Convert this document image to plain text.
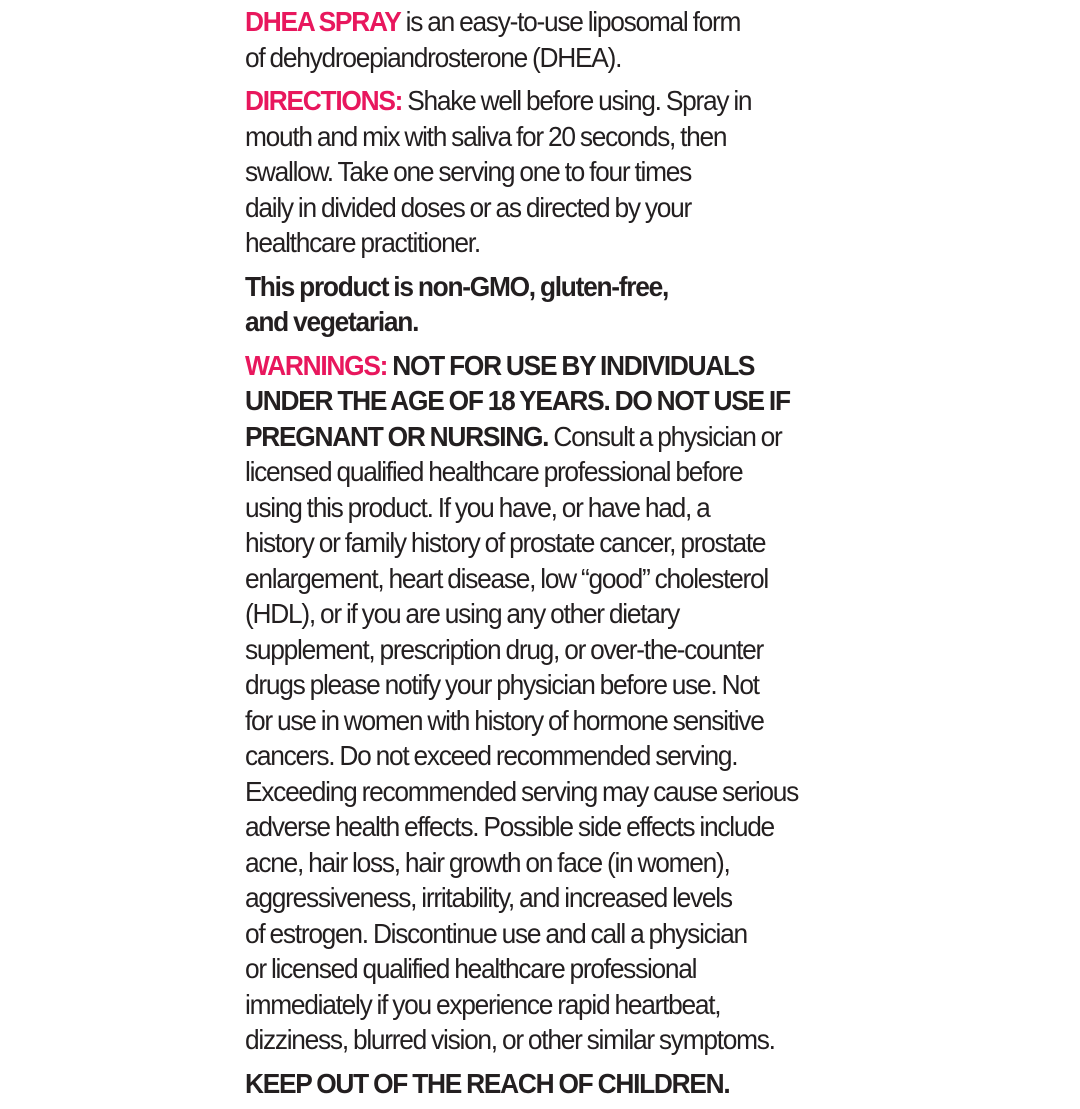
DHEA SPRAY is an easy-to-use liposomal form
of dehydroepiandrosterone (DHEA).

DIRECTIONS: Shake well before using. Spray in
mouth and mix with saliva for 20 seconds, then
swallow. Take one serving one to four times
daily in divided doses or as directed by your
healthcare practitioner.

This product is non-GMO, gluten-free,
and vegetarian.

WARNINGS: NOT FOR USE BY INDIVIDUALS
UNDER THE AGE OF 18 YEARS. DO NOT USE IF
PREGNANT OR NURSING. Consult a physician or
licensed qualified healthcare professional before
using this product. If you have, or have had, a
history or family history of prostate cancer, prostate
enlargement, heart disease, low “good” cholesterol
(HDL), or if you are using any other dietary
supplement, prescription drug, or over-the-counter
drugs please notify your physician before use. Not
for use in women with history of hormone sensitive
cancers. Do not exceed recommended serving.
Exceeding recommended serving may cause serious
adverse health effects. Possible side effects include
acne, hair loss, hair growth on face (in women),
aggressiveness, irritability, and increased levels
of estrogen. Discontinue use and call a physician
or licensed qualified healthcare professional
immediately if you experience rapid heartbeat,
dizziness, blurred vision, or other similar symptoms.

KEEP OUT OF THE REACH OF CHILDREN.
